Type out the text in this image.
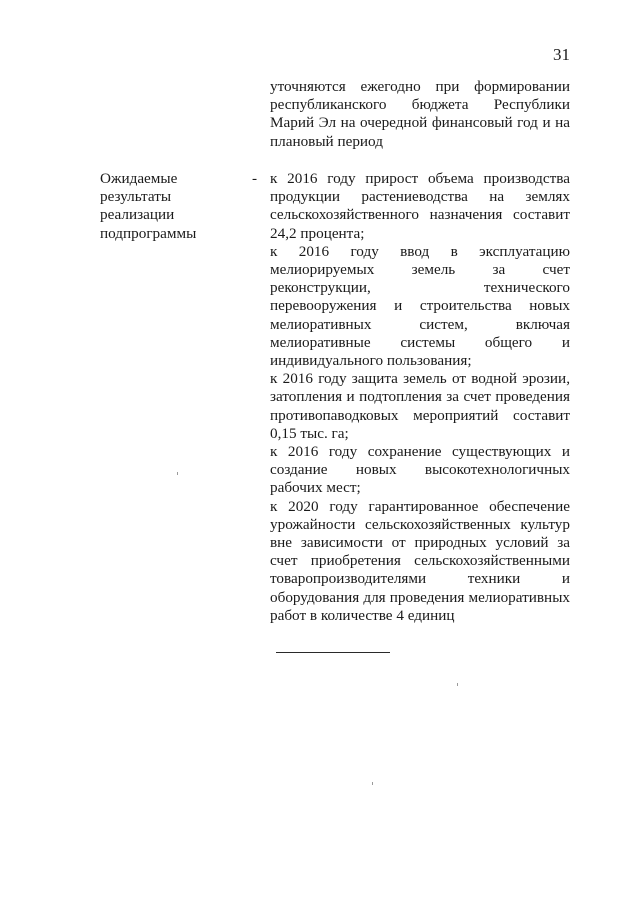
31

уточняются ежегодно при формировании республиканского бюджета Республики Марий Эл на очередной финансовый год и на плановый период

Ожидаемые результаты реализации подпрограммы
- к 2016 году прирост объема производства продукции растениеводства на землях сельскохозяйственного назначения составит 24,2 процента;

к 2016 году ввод в эксплуатацию мелиорируемых земель за счет реконструкции, технического перевооружения и строительства новых мелиоративных систем, включая мелиоративные системы общего и индивидуального пользования;

к 2016 году защита земель от водной эрозии, затопления и подтопления за счет проведения противопаводковых мероприятий составит 0,15 тыс. га;

к 2016 году сохранение существующих и создание новых высокотехнологичных рабочих мест;

к 2020 году гарантированное обеспечение урожайности сельскохозяйственных культур вне зависимости от природных условий за счет приобретения сельскохозяйственными товаропроизводителями техники и оборудования для проведения мелиоративных работ в количестве 4 единиц
